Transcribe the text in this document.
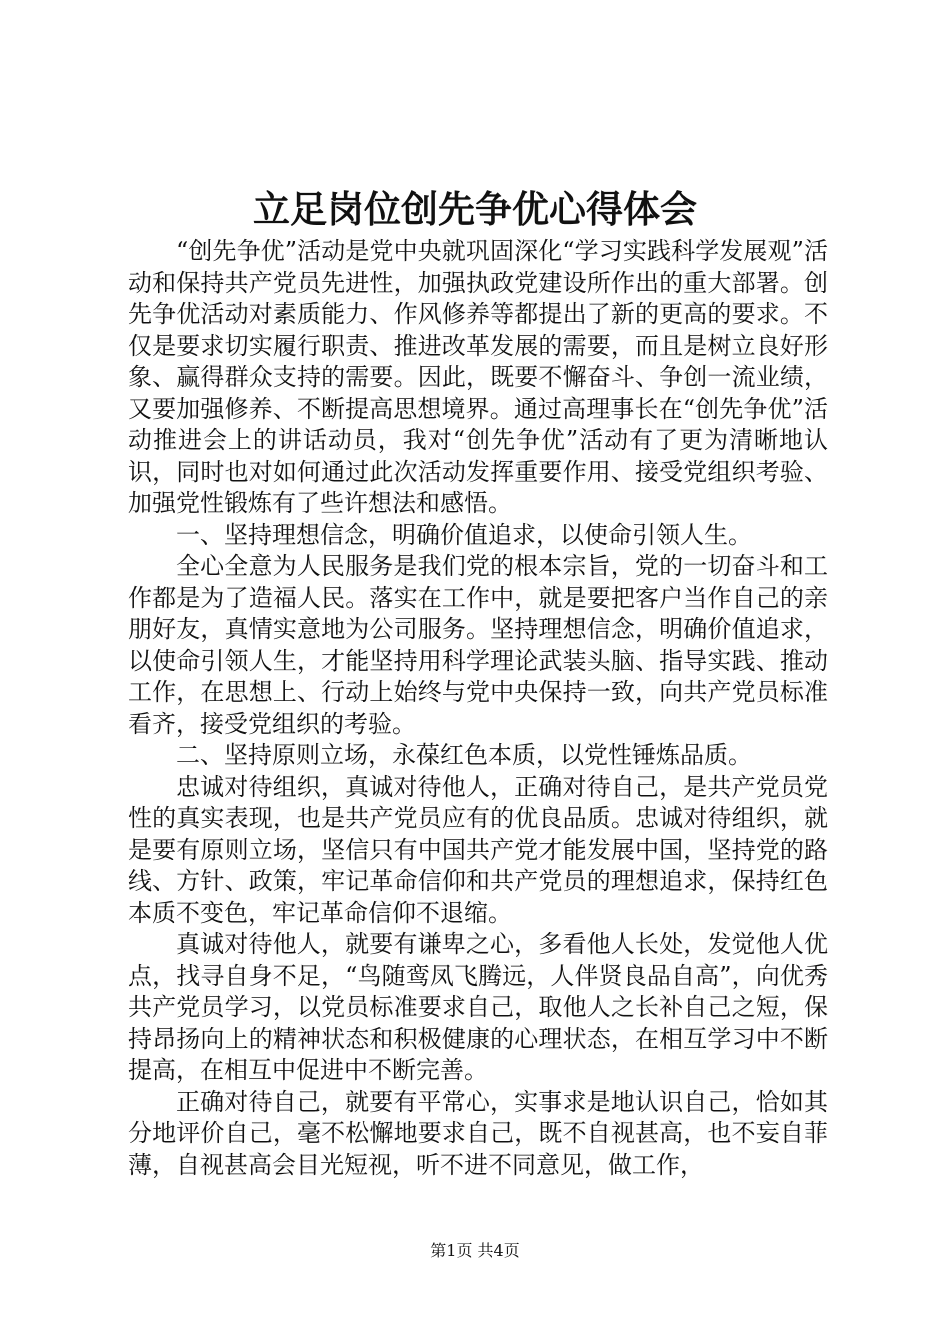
立足岗位创先争优心得体会

“创先争优”活动是党中央就巩固深化“学习实践科学发展观”活动和保持共产党员先进性，加强执政党建设所作出的重大部署。创先争优活动对素质能力、作风修养等都提出了新的更高的要求。不仅是要求切实履行职责、推进改革发展的需要，而且是树立良好形象、赢得群众支持的需要。因此，既要不懈奋斗、争创一流业绩，又要加强修养、不断提高思想境界。通过高理事长在“创先争优”活动推进会上的讲话动员，我对“创先争优”活动有了更为清晰地认识，同时也对如何通过此次活动发挥重要作用、接受党组织考验、加强党性锻炼有了些许想法和感悟。

一、坚持理想信念，明确价值追求，以使命引领人生。

全心全意为人民服务是我们党的根本宗旨，党的一切奋斗和工作都是为了造福人民。落实在工作中，就是要把客户当作自己的亲朋好友，真情实意地为公司服务。坚持理想信念，明确价值追求，以使命引领人生，才能坚持用科学理论武装头脑、指导实践、推动工作，在思想上、行动上始终与党中央保持一致，向共产党员标准看齐，接受党组织的考验。

二、坚持原则立场，永葆红色本质，以党性锤炼品质。

忠诚对待组织，真诚对待他人，正确对待自己，是共产党员党性的真实表现，也是共产党员应有的优良品质。忠诚对待组织，就是要有原则立场，坚信只有中国共产党才能发展中国，坚持党的路线、方针、政策，牢记革命信仰和共产党员的理想追求，保持红色本质不变色，牢记革命信仰不退缩。

真诚对待他人，就要有谦卑之心，多看他人长处，发觉他人优点，找寻自身不足，“鸟随鸾凤飞腾远，人伴贤良品自高”，向优秀共产党员学习，以党员标准要求自己，取他人之长补自己之短，保持昂扬向上的精神状态和积极健康的心理状态，在相互学习中不断提高，在相互中促进中不断完善。

正确对待自己，就要有平常心，实事求是地认识自己，恰如其分地评价自己，毫不松懈地要求自己，既不自视甚高，也不妄自菲薄，自视甚高会目光短视，听不进不同意见，做工作，

第1页 共4页
